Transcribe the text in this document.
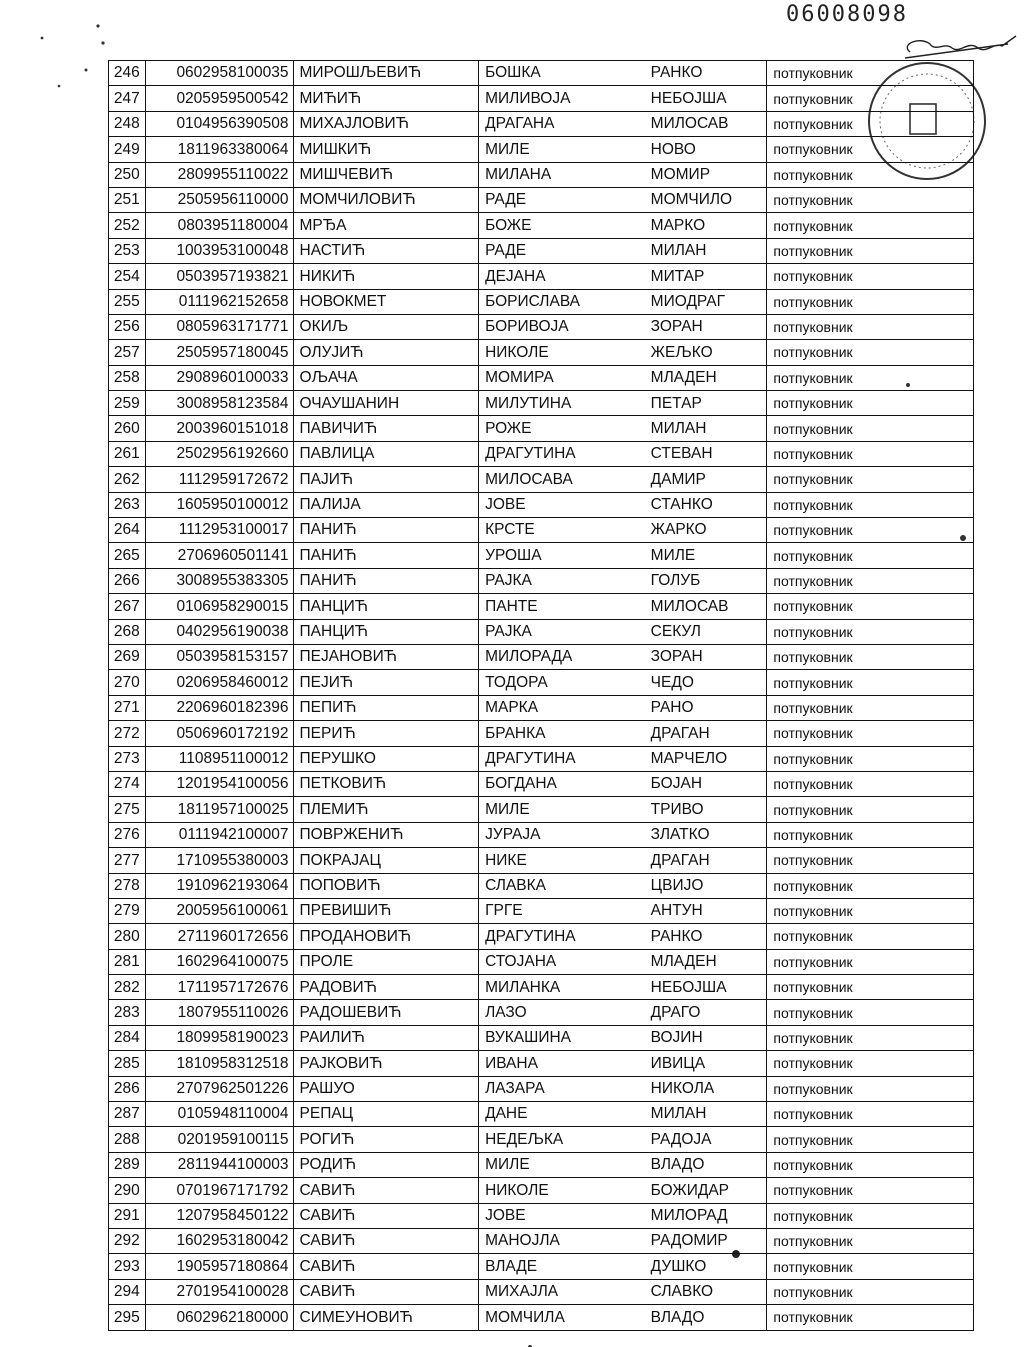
06008098
246	0602958100035	МИРОШЉЕВИЋ	БОШКА	РАНКО	потпуковник
247	0205959500542	МИЋИЋ	МИЛИВОЈА	НЕБОЈША	потпуковник
248	0104956390508	МИХАЈЛОВИЋ	ДРАГАНА	МИЛОСАВ	потпуковник
249	1811963380064	МИШКИЋ	МИЛЕ	НОВО	потпуковник
250	2809955110022	МИШЧЕВИЋ	МИЛАНА	МОМИР	потпуковник
251	2505956110000	МОМЧИЛОВИЋ	РАДЕ	МОМЧИЛО	потпуковник
252	0803951180004	МРЂА	БОЖЕ	МАРКО	потпуковник
253	1003953100048	НАСТИЋ	РАДЕ	МИЛАН	потпуковник
254	0503957193821	НИКИЋ	ДЕЈАНА	МИТАР	потпуковник
255	0111962152658	НОВОКМЕТ	БОРИСЛАВА	МИОДРАГ	потпуковник
256	0805963171771	ОКИЉ	БОРИВОЈА	ЗОРАН	потпуковник
257	2505957180045	ОЛУЈИЋ	НИКОЛЕ	ЖЕЉКО	потпуковник
258	2908960100033	ОЉАЧА	МОМИРА	МЛАДЕН	потпуковник
259	3008958123584	ОЧАУШАНИН	МИЛУТИНА	ПЕТАР	потпуковник
260	2003960151018	ПАВИЧИЋ	РОЖЕ	МИЛАН	потпуковник
261	2502956192660	ПАВЛИЦА	ДРАГУТИНА	СТЕВАН	потпуковник
262	1112959172672	ПАЈИЋ	МИЛОСАВА	ДАМИР	потпуковник
263	1605950100012	ПАЛИЈА	ЈОВЕ	СТАНКО	потпуковник
264	1112953100017	ПАНИЋ	КРСТЕ	ЖАРКО	потпуковник
265	2706960501141	ПАНИЋ	УРОША	МИЛЕ	потпуковник
266	3008955383305	ПАНИЋ	РАЈКА	ГОЛУБ	потпуковник
267	0106958290015	ПАНЦИЋ	ПАНТЕ	МИЛОСАВ	потпуковник
268	0402956190038	ПАНЦИЋ	РАЈКА	СЕКУЛ	потпуковник
269	0503958153157	ПЕЈАНОВИЋ	МИЛОРАДА	ЗОРАН	потпуковник
270	0206958460012	ПЕЈИЋ	ТОДОРА	ЧЕДО	потпуковник
271	2206960182396	ПЕПИЋ	МАРКА	РАНО	потпуковник
272	0506960172192	ПЕРИЋ	БРАНКА	ДРАГАН	потпуковник
273	1108951100012	ПЕРУШКО	ДРАГУТИНА	МАРЧЕЛО	потпуковник
274	1201954100056	ПЕТКОВИЋ	БОГДАНА	БОЈАН	потпуковник
275	1811957100025	ПЛЕМИЋ	МИЛЕ	ТРИВО	потпуковник
276	0111942100007	ПОВРЖЕНИЋ	ЈУРАЈА	ЗЛАТКО	потпуковник
277	1710955380003	ПОКРАЈАЦ	НИКЕ	ДРАГАН	потпуковник
278	1910962193064	ПОПОВИЋ	СЛАВКА	ЦВИЈО	потпуковник
279	2005956100061	ПРЕВИШИЋ	ГРГЕ	АНТУН	потпуковник
280	2711960172656	ПРОДАНОВИЋ	ДРАГУТИНА	РАНКО	потпуковник
281	1602964100075	ПРОЛЕ	СТОЈАНА	МЛАДЕН	потпуковник
282	1711957172676	РАДОВИЋ	МИЛАНКА	НЕБОЈША	потпуковник
283	1807955110026	РАДОШЕВИЋ	ЛАЗО	ДРАГО	потпуковник
284	1809958190023	РАИЛИЋ	ВУКАШИНА	ВОЈИН	потпуковник
285	1810958312518	РАЈКОВИЋ	ИВАНА	ИВИЦА	потпуковник
286	2707962501226	РАШУО	ЛАЗАРА	НИКОЛА	потпуковник
287	0105948110004	РЕПАЦ	ДАНЕ	МИЛАН	потпуковник
288	0201959100115	РОГИЋ	НЕДЕЉКА	РАДОЈА	потпуковник
289	2811944100003	РОДИЋ	МИЛЕ	ВЛАДО	потпуковник
290	0701967171792	САВИЋ	НИКОЛЕ	БОЖИДАР	потпуковник
291	1207958450122	САВИЋ	ЈОВЕ	МИЛОРАД	потпуковник
292	1602953180042	САВИЋ	МАНОЈЛА	РАДОМИР	потпуковник
293	1905957180864	САВИЋ	ВЛАДЕ	ДУШКО	потпуковник
294	2701954100028	САВИЋ	МИХАЈЛА	СЛАВКО	потпуковник
295	0602962180000	СИМЕУНОВИЋ	МОМЧИЛА	ВЛАДО	потпуковник
